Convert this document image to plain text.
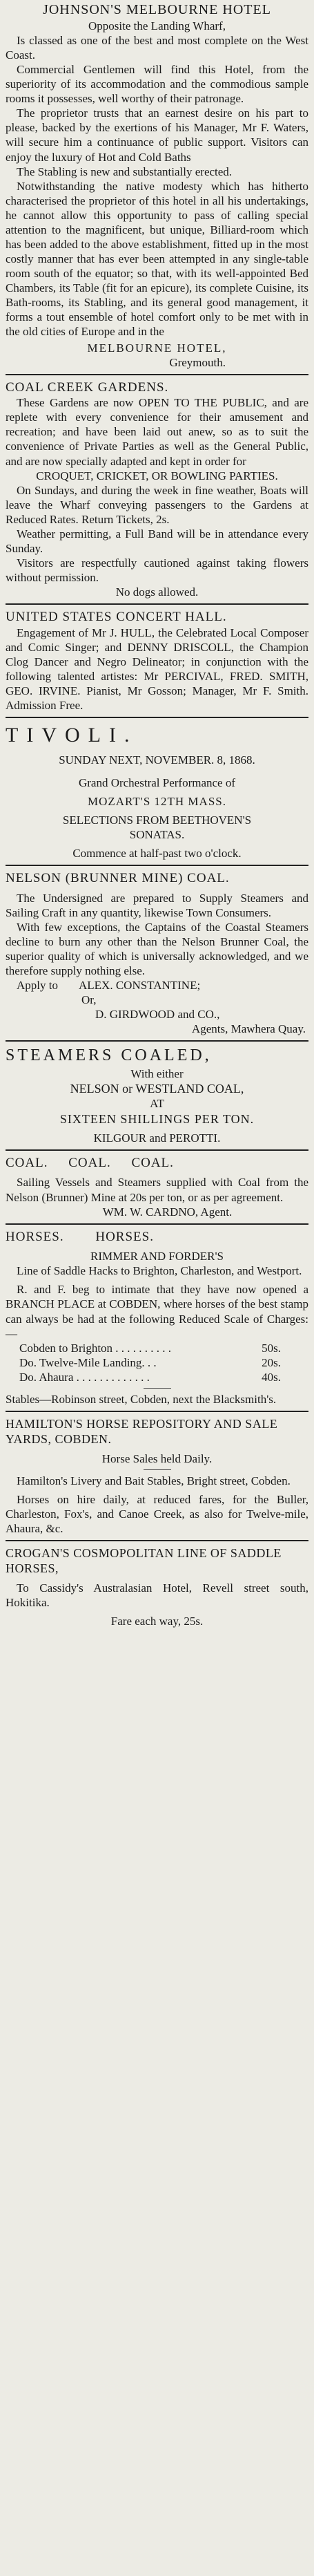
JOHNSON'S MELBOURNE HOTEL

Opposite the Landing Wharf,

Is classed as one of the best and most complete on the West Coast.

Commercial Gentlemen will find this Hotel, from the superiority of its accommodation and the commodious sample rooms it possesses, well worthy of their patronage.

The proprietor trusts that an earnest desire on his part to please, backed by the exertions of his Manager, Mr F. Waters, will secure him a continuance of public support. Visitors can enjoy the luxury of Hot and Cold Baths

The Stabling is new and substantially erected.

Notwithstanding the native modesty which has hitherto characterised the proprietor of this hotel in all his undertakings, he cannot allow this opportunity to pass of calling special attention to the magnificent, but unique, Billiard-room which has been added to the above establishment, fitted up in the most costly manner that has ever been attempted in any single-table room south of the equator; so that, with its well-appointed Bed Chambers, its Table (fit for an epicure), its complete Cuisine, its Bath-rooms, its Stabling, and its general good management, it forms a tout ensemble of hotel comfort only to be met with in the old cities of Europe and in the

MELBOURNE HOTEL,

Greymouth.

COAL CREEK GARDENS.

These Gardens are now OPEN TO THE PUBLIC, and are replete with every convenience for their amusement and recreation; and have been laid out anew, so as to suit the convenience of Private Parties as well as the General Public, and are now specially adapted and kept in order for

CROQUET, CRICKET, OR BOWLING PARTIES.

On Sundays, and during the week in fine weather, Boats will leave the Wharf conveying passengers to the Gardens at Reduced Rates. Return Tickets, 2s.

Weather permitting, a Full Band will be in attendance every Sunday.

Visitors are respectfully cautioned against taking flowers without permission.

No dogs allowed.

UNITED STATES CONCERT HALL.

Engagement of Mr J. HULL, the Celebrated Local Composer and Comic Singer; and DENNY DRISCOLL, the Champion Clog Dancer and Negro Delineator; in conjunction with the following talented artistes: Mr PERCIVAL, FRED. SMITH, GEO. IRVINE. Pianist, Mr Gosson; Manager, Mr F. Smith. Admission Free.

TIVOLI.

SUNDAY NEXT, NOVEMBER. 8, 1868.

Grand Orchestral Performance of

MOZART'S 12TH MASS.

SELECTIONS FROM BEETHOVEN'S

SONATAS.

Commence at half-past two o'clock.

NELSON (BRUNNER MINE) COAL.

The Undersigned are prepared to Supply Steamers and Sailing Craft in any quantity, likewise Town Consumers.

With few exceptions, the Captains of the Coastal Steamers decline to burn any other than the Nelson Brunner Coal, the superior quality of which is universally acknowledged, and we therefore supply nothing else.

Apply to	ALEX. CONSTANTINE;

Or,

D. GIRDWOOD and CO.,

Agents, Mawhera Quay.

STEAMERS COALED,

With either

NELSON or WESTLAND COAL,

AT

SIXTEEN SHILLINGS PER TON.

KILGOUR and PEROTTI.

COAL. COAL. COAL.

Sailing Vessels and Steamers supplied with Coal from the Nelson (Brunner) Mine at 20s per ton, or as per agreement.

WM. W. CARDNO, Agent.

HORSES. HORSES.

RIMMER AND FORDER'S

Line of Saddle Hacks to Brighton, Charleston, and Westport.

R. and F. beg to intimate that they have now opened a BRANCH PLACE at COBDEN, where horses of the best stamp can always be had at the following Reduced Scale of Charges:—

Cobden to Brighton . . . . . . . . . .	50s.
Do. Twelve-Mile Landing. . .	20s.
Do. Ahaura . . . . . . . . . . . . .	40s.

Stables—Robinson street, Cobden, next the Blacksmith's.

HAMILTON'S HORSE REPOSITORY AND SALE YARDS, COBDEN.

Horse Sales held Daily.

Hamilton's Livery and Bait Stables, Bright street, Cobden.

Horses on hire daily, at reduced fares, for the Buller, Charleston, Fox's, and Canoe Creek, as also for Twelve-mile, Ahaura, &c.

CROGAN'S COSMOPOLITAN LINE OF SADDLE HORSES,

To Cassidy's Australasian Hotel, Revell street south, Hokitika.

Fare each way, 25s.
